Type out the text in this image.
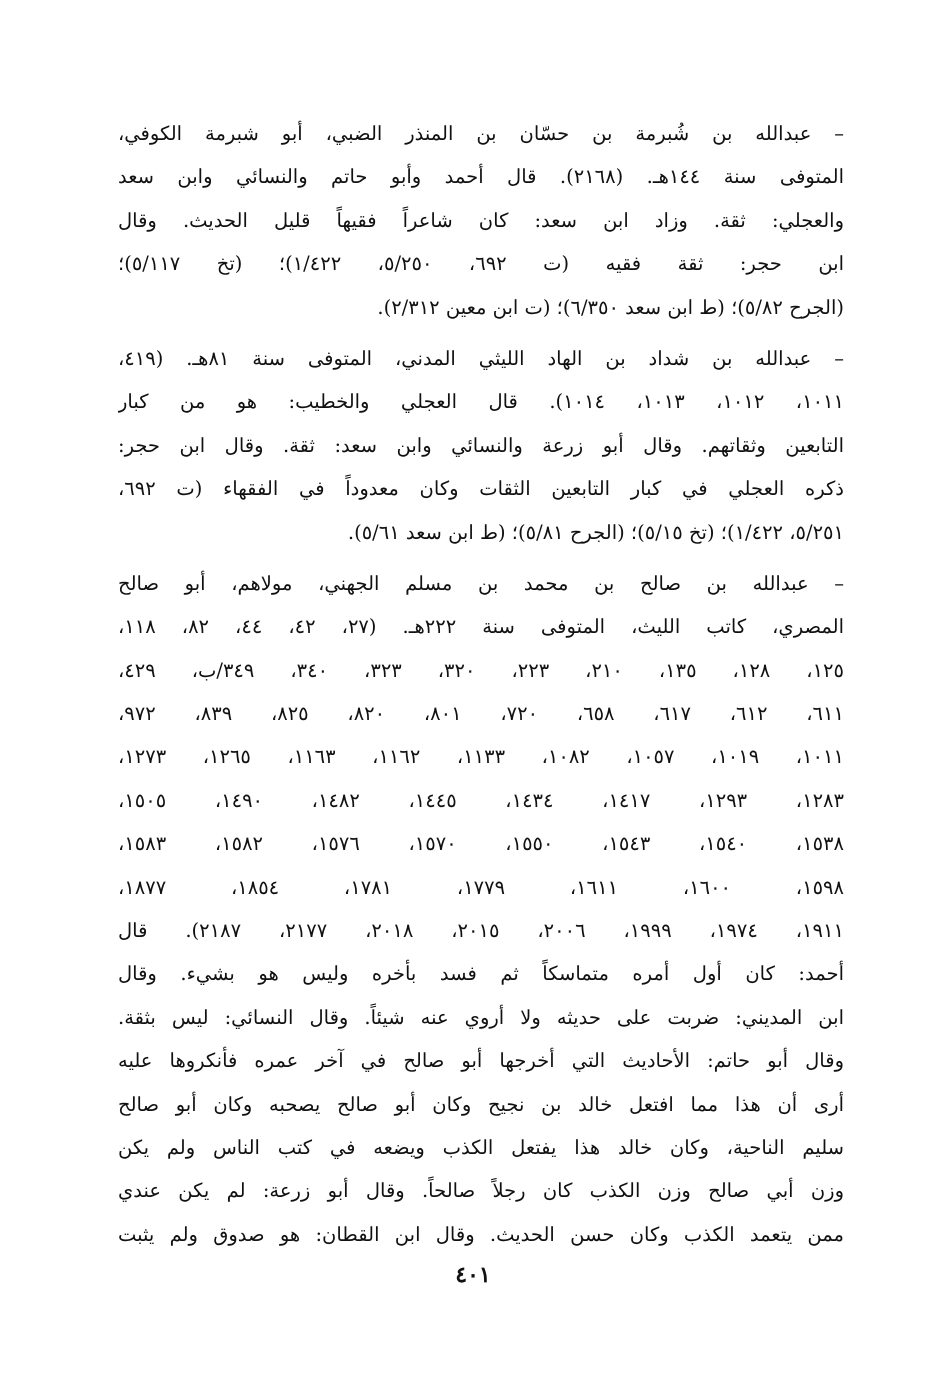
– عبدالله بن شُبرمة بن حسّان بن المنذر الضبي، أبو شبرمة الكوفي،
المتوفى سنة ١٤٤هـ. (٢١٦٨). قال أحمد وأبو حاتم والنسائي وابن سعد
والعجلي: ثقة. وزاد ابن سعد: كان شاعراً فقيهاً قليل الحديث. وقال
ابن حجر: ثقة فقيه (ت ٦٩٢، ٥/٢٥٠، ١/٤٢٢)؛ (تخ ٥/١١٧)؛
(الجرح ٥/٨٢)؛ (ط ابن سعد ٦/٣٥٠)؛ (ت ابن معين ٢/٣١٢).
– عبدالله بن شداد بن الهاد الليثي المدني، المتوفى سنة ٨١هـ. (٤١٩،
١٠١١، ١٠١٢، ١٠١٣، ١٠١٤). قال العجلي والخطيب: هو من كبار
التابعين وثقاتهم. وقال أبو زرعة والنسائي وابن سعد: ثقة. وقال ابن حجر:
ذكره العجلي في كبار التابعين الثقات وكان معدوداً في الفقهاء (ت ٦٩٢،
٥/٢٥١، ١/٤٢٢)؛ (تخ ٥/١٥)؛ (الجرح ٥/٨١)؛ (ط ابن سعد ٥/٦١).
– عبدالله بن صالح بن محمد بن مسلم الجهني، مولاهم، أبو صالح
المصري، كاتب الليث، المتوفى سنة ٢٢٢هـ. (٢٧، ٤٢، ٤٤، ٨٢، ١١٨،
١٢٥، ١٢٨، ١٣٥، ٢١٠، ٢٢٣، ٣٢٠، ٣٢٣، ٣٤٠، ٣٤٩/ب، ٤٢٩،
٦١١، ٦١٢، ٦١٧، ٦٥٨، ٧٢٠، ٨٠١، ٨٢٠، ٨٢٥، ٨٣٩، ٩٧٢،
١٠١١، ١٠١٩، ١٠٥٧، ١٠٨٢، ١١٣٣، ١١٦٢، ١١٦٣، ١٢٦٥، ١٢٧٣،
١٢٨٣، ١٢٩٣، ١٤١٧، ١٤٣٤، ١٤٤٥، ١٤٨٢، ١٤٩٠، ١٥٠٥،
١٥٣٨، ١٥٤٠، ١٥٤٣، ١٥٥٠، ١٥٧٠، ١٥٧٦، ١٥٨٢، ١٥٨٣،
١٥٩٨، ١٦٠٠، ١٦١١، ١٧٧٩، ١٧٨١، ١٨٥٤، ١٨٧٧،
١٩١١، ١٩٧٤، ١٩٩٩، ٢٠٠٦، ٢٠١٥، ٢٠١٨، ٢١٧٧، ٢١٨٧). قال
أحمد: كان أول أمره متماسكاً ثم فسد بأخره وليس هو بشيء. وقال
ابن المديني: ضربت على حديثه ولا أروي عنه شيئاً. وقال النسائي: ليس بثقة.
وقال أبو حاتم: الأحاديث التي أخرجها أبو صالح في آخر عمره فأنكروها عليه
أرى أن هذا مما افتعل خالد بن نجيح وكان أبو صالح يصحبه وكان أبو صالح
سليم الناحية، وكان خالد هذا يفتعل الكذب ويضعه في كتب الناس ولم يكن
وزن أبي صالح وزن الكذب كان رجلاً صالحاً. وقال أبو زرعة: لم يكن عندي
ممن يتعمد الكذب وكان حسن الحديث. وقال ابن القطان: هو صدوق ولم يثبت
٤٠١
